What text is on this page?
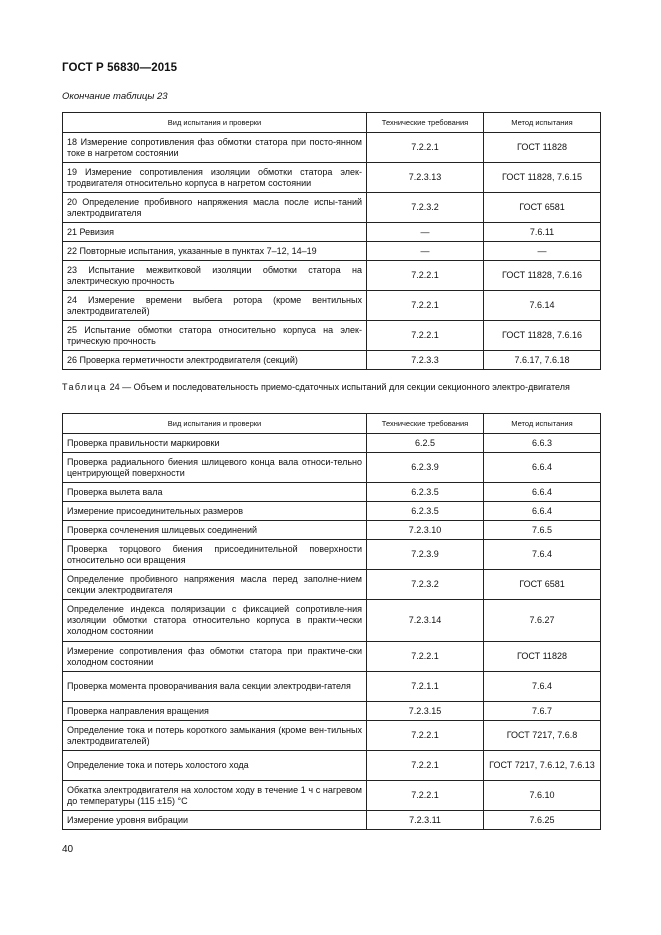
ГОСТ Р 56830—2015
Окончание таблицы 23
Вид испытания и проверки	Технические требования	Метод испытания
18 Измерение сопротивления фаз обмотки статора при посто-янном токе в нагретом состоянии	7.2.2.1	ГОСТ 11828
19 Измерение сопротивления изоляции обмотки статора элек-тродвигателя относительно корпуса в нагретом состоянии	7.2.3.13	ГОСТ 11828, 7.6.15
20 Определение пробивного напряжения масла после испы-таний электродвигателя	7.2.3.2	ГОСТ 6581
21 Ревизия	—	7.6.11
22 Повторные испытания, указанные в пунктах 7–12, 14–19	—	—
23 Испытание межвитковой изоляции обмотки статора на электрическую прочность	7.2.2.1	ГОСТ 11828, 7.6.16
24 Измерение времени выбега ротора (кроме вентильных электродвигателей)	7.2.2.1	7.6.14
25 Испытание обмотки статора относительно корпуса на элек-трическую прочность	7.2.2.1	ГОСТ 11828, 7.6.16
26 Проверка герметичности электродвигателя (секций)	7.2.3.3	7.6.17, 7.6.18
Таблица 24 — Объем и последовательность приемо-сдаточных испытаний для секции секционного электро-двигателя
Вид испытания и проверки	Технические требования	Метод испытания
Проверка правильности маркировки	6.2.5	6.6.3
Проверка радиального биения шлицевого конца вала относи-тельно центрирующей поверхности	6.2.3.9	6.6.4
Проверка вылета вала	6.2.3.5	6.6.4
Измерение присоединительных размеров	6.2.3.5	6.6.4
Проверка сочленения шлицевых соединений	7.2.3.10	7.6.5
Проверка торцового биения присоединительной поверхности относительно оси вращения	7.2.3.9	7.6.4
Определение пробивного напряжения масла перед заполне-нием секции электродвигателя	7.2.3.2	ГОСТ 6581
Определение индекса поляризации с фиксацией сопротивле-ния изоляции обмотки статора относительно корпуса в практи-чески холодном состоянии	7.2.3.14	7.6.27
Измерение сопротивления фаз обмотки статора при практиче-ски холодном состоянии	7.2.2.1	ГОСТ 11828
Проверка момента проворачивания вала секции электродви-гателя	7.2.1.1	7.6.4
Проверка направления вращения	7.2.3.15	7.6.7
Определение тока и потерь короткого замыкания (кроме вен-тильных электродвигателей)	7.2.2.1	ГОСТ 7217, 7.6.8
Определение тока и потерь холостого хода	7.2.2.1	ГОСТ 7217, 7.6.12, 7.6.13
Обкатка электродвигателя на холостом ходу в течение 1 ч с нагревом до температуры (115 ±15) °С	7.2.2.1	7.6.10
Измерение уровня вибрации	7.2.3.11	7.6.25
40
